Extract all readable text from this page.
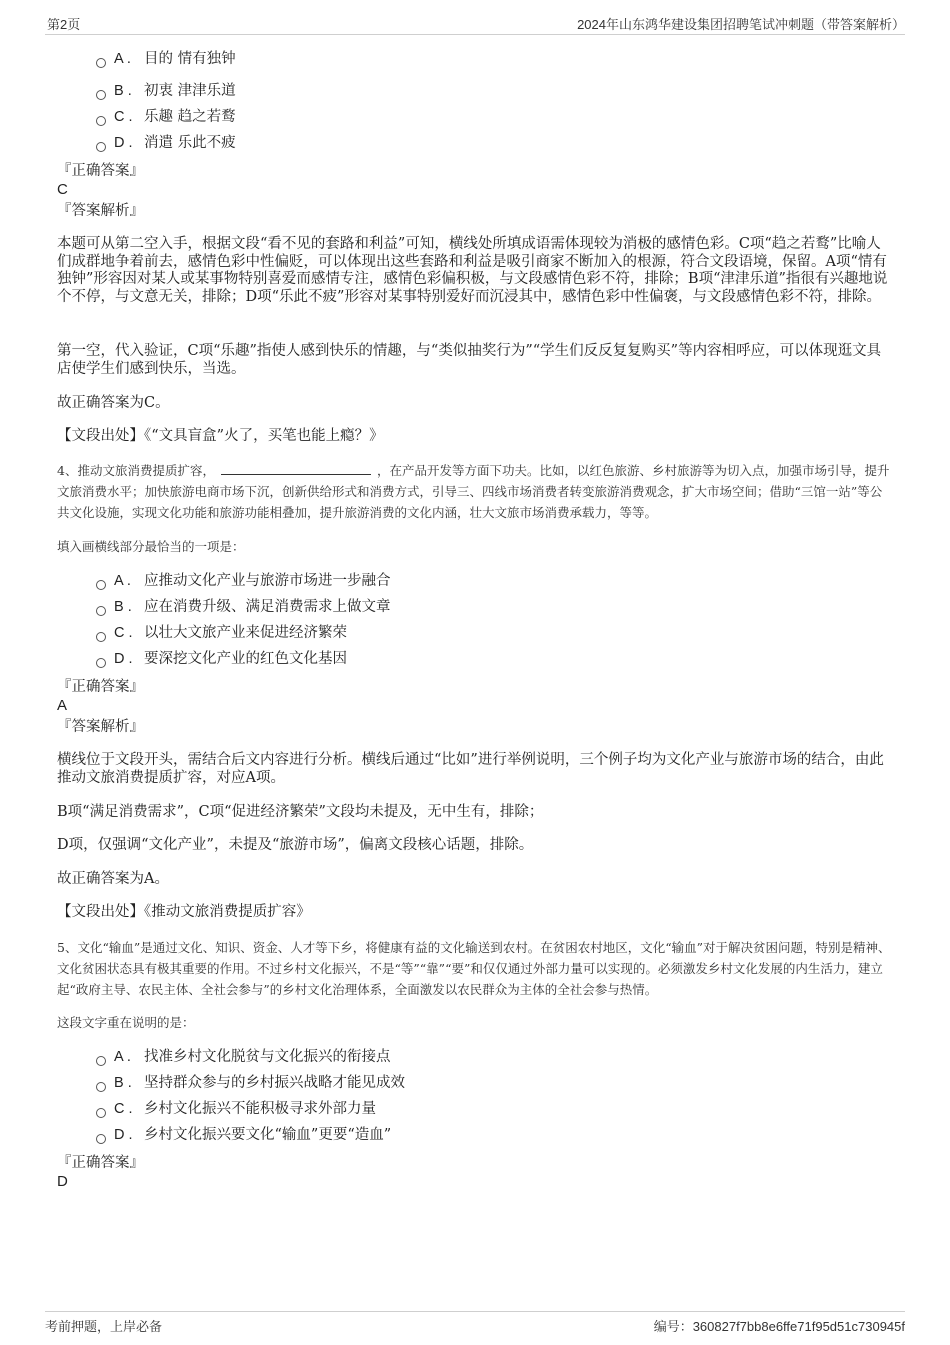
第2页	2024年山东鸿华建设集团招聘笔试冲刺题（带答案解析）
A . 目的 情有独钟
B . 初衷 津津乐道
C . 乐趣 趋之若鹜
D . 消遣 乐此不疲
『正确答案』
C
『答案解析』
本题可从第二空入手，根据文段“看不见的套路和利益”可知，横线处所填成语需体现较为消极的感情色彩。C项“趋之若鹜”比喻人们成群地争着前去，感情色彩中性偏贬，可以体现出这些套路和利益是吸引商家不断加入的根源，符合文段语境，保留。A项“情有独钟”形容因对某人或某事物特别喜爱而感情专注，感情色彩偏积极，与文段感情色彩不符，排除；B项“津津乐道”指很有兴趣地说个不停，与文意无关，排除；D项“乐此不疲”形容对某事特别爱好而沉浸其中，感情色彩中性偏褒，与文段感情色彩不符，排除。
第一空，代入验证，C项“乐趣”指使人感到快乐的情趣，与“类似抽奖行为”“学生们反反复复购买”等内容相呼应，可以体现逛文具店使学生们感到快乐，当选。
故正确答案为C。
【文段出处】《“文具盲盒”火了，买笔也能上瘾？》
4、推动文旅消费提质扩容，	，在产品开发等方面下功夫。比如，以红色旅游、乡村旅游等为切入点，加强市场引导，提升文旅消费水平；加快旅游电商市场下沉，创新供给形式和消费方式，引导三、四线市场消费者转变旅游消费观念，扩大市场空间；借助“三馆一站”等公共文化设施，实现文化功能和旅游功能相叠加，提升旅游消费的文化内涵，壮大文旅市场消费承载力，等等。
填入画横线部分最恰当的一项是：
A . 应推动文化产业与旅游市场进一步融合
B . 应在消费升级、满足消费需求上做文章
C . 以壮大文旅产业来促进经济繁荣
D . 要深挖文化产业的红色文化基因
『正确答案』
A
『答案解析』
横线位于文段开头，需结合后文内容进行分析。横线后通过“比如”进行举例说明，三个例子均为文化产业与旅游市场的结合，由此推动文旅消费提质扩容，对应A项。
B项“满足消费需求”，C项“促进经济繁荣”文段均未提及，无中生有，排除；
D项，仅强调“文化产业”，未提及“旅游市场”，偏离文段核心话题，排除。
故正确答案为A。
【文段出处】《推动文旅消费提质扩容》
5、文化“输血”是通过文化、知识、资金、人才等下乡，将健康有益的文化输送到农村。在贫困农村地区，文化“输血”对于解决贫困问题，特别是精神、文化贫困状态具有极其重要的作用。不过乡村文化振兴，不是“等”“靠”“要”和仅仅通过外部力量可以实现的。必须激发乡村文化发展的内生活力，建立起“政府主导、农民主体、全社会参与”的乡村文化治理体系，全面激发以农民群众为主体的全社会参与热情。
这段文字重在说明的是：
A . 找准乡村文化脱贫与文化振兴的衔接点
B . 坚持群众参与的乡村振兴战略才能见成效
C . 乡村文化振兴不能积极寻求外部力量
D . 乡村文化振兴要文化“输血”更要“造血”
『正确答案』
D
考前押题，上岸必备	编号：360827f7bb8e6ffe71f95d51c730945f
